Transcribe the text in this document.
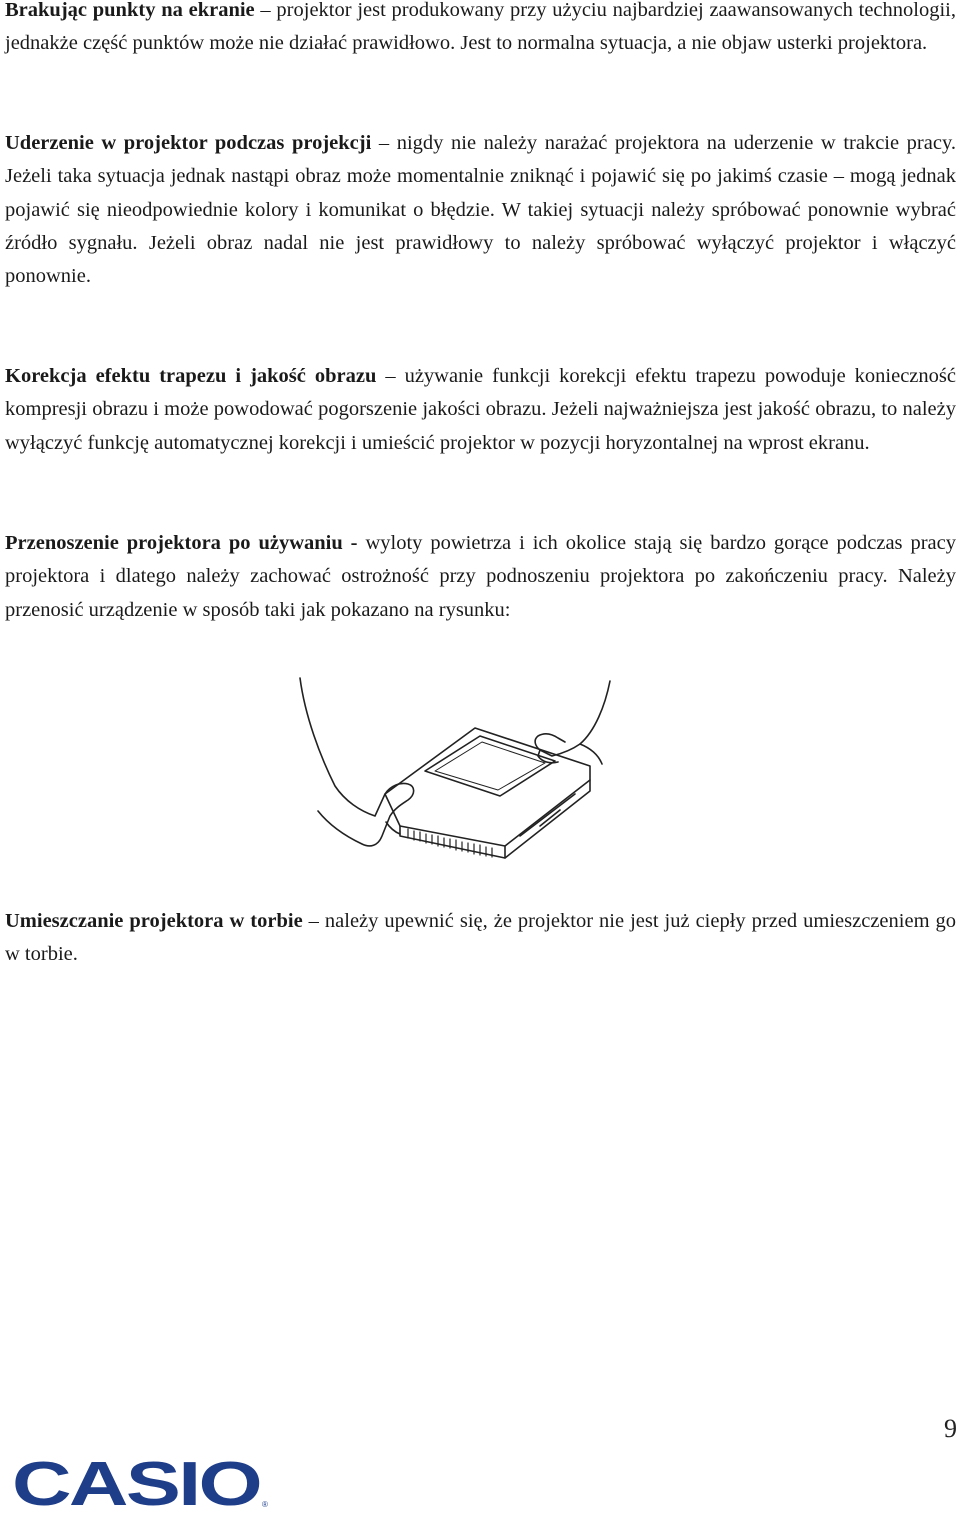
Brakując punkty na ekranie – projektor jest produkowany przy użyciu najbardziej zaawansowanych technologii, jednakże część punktów może nie działać prawidłowo. Jest to normalna sytuacja, a nie objaw usterki projektora.

Uderzenie w projektor podczas projekcji – nigdy nie należy narażać projektora na uderzenie w trakcie pracy. Jeżeli taka sytuacja jednak nastąpi obraz może momentalnie zniknąć i pojawić się po jakimś czasie – mogą jednak pojawić się nieodpowiednie kolory i komunikat o błędzie. W takiej sytuacji należy spróbować ponownie wybrać źródło sygnału. Jeżeli obraz nadal nie jest prawidłowy to należy spróbować wyłączyć projektor i włączyć ponownie.

Korekcja efektu trapezu i jakość obrazu – używanie funkcji korekcji efektu trapezu powoduje konieczność kompresji obrazu i może powodować pogorszenie jakości obrazu. Jeżeli najważniejsza jest jakość obrazu, to należy wyłączyć funkcję automatycznej korekcji i umieścić projektor w pozycji horyzontalnej na wprost ekranu.

Przenoszenie projektora po używaniu - wyloty powietrza i ich okolice stają się bardzo gorące podczas pracy projektora i dlatego należy zachować ostrożność przy podnoszeniu projektora po zakończeniu pracy. Należy przenosić urządzenie w sposób taki jak pokazano na rysunku:

Umieszczanie projektora w torbie – należy upewnić się, że projektor nie jest już ciepły przed umieszczeniem go w torbie.

9
CASIO ®
